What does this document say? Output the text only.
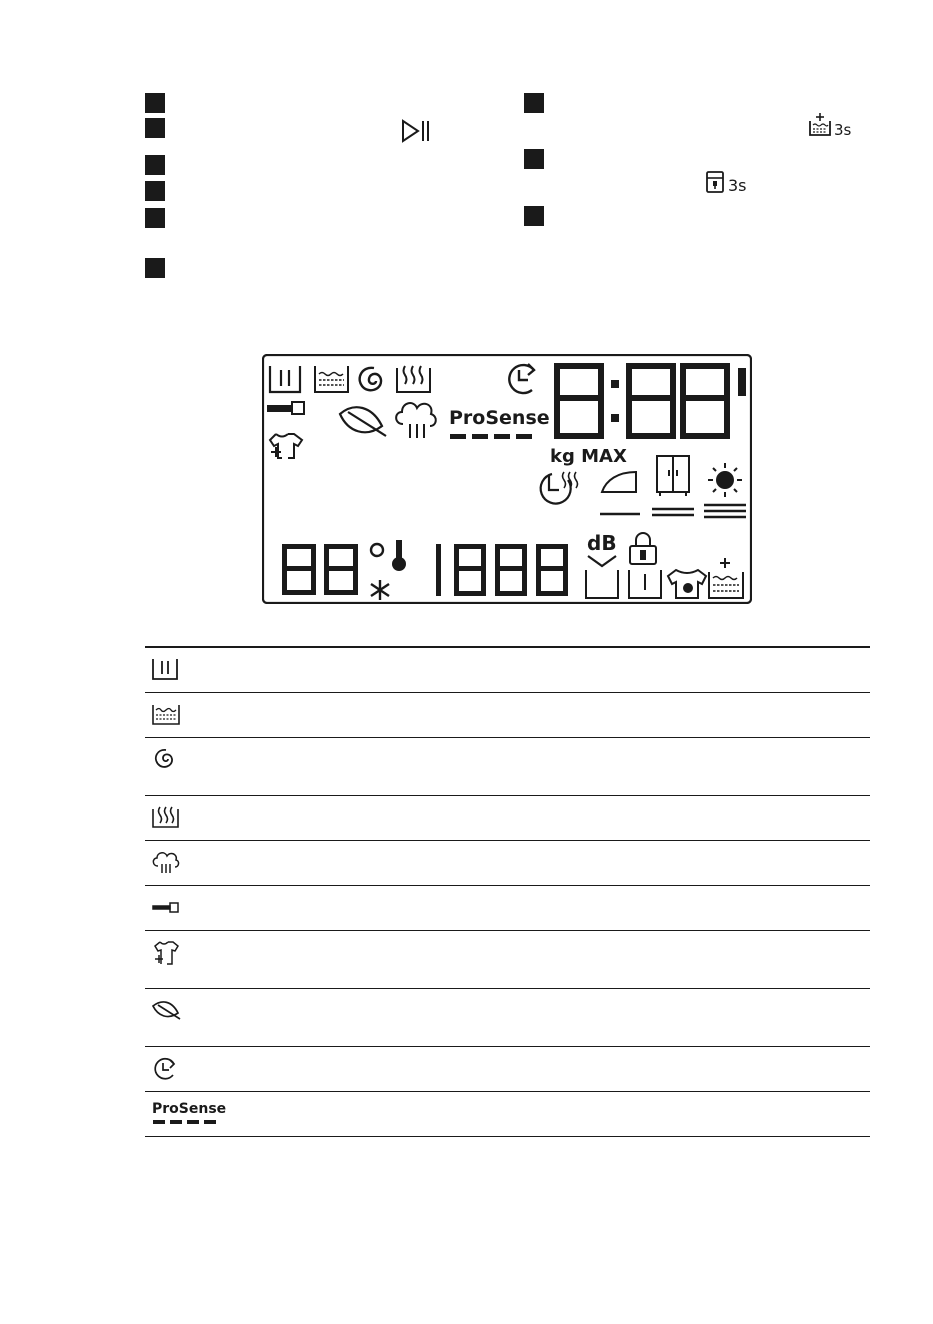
3s
3s
ProSense
kg MAX
dB
ProSense
